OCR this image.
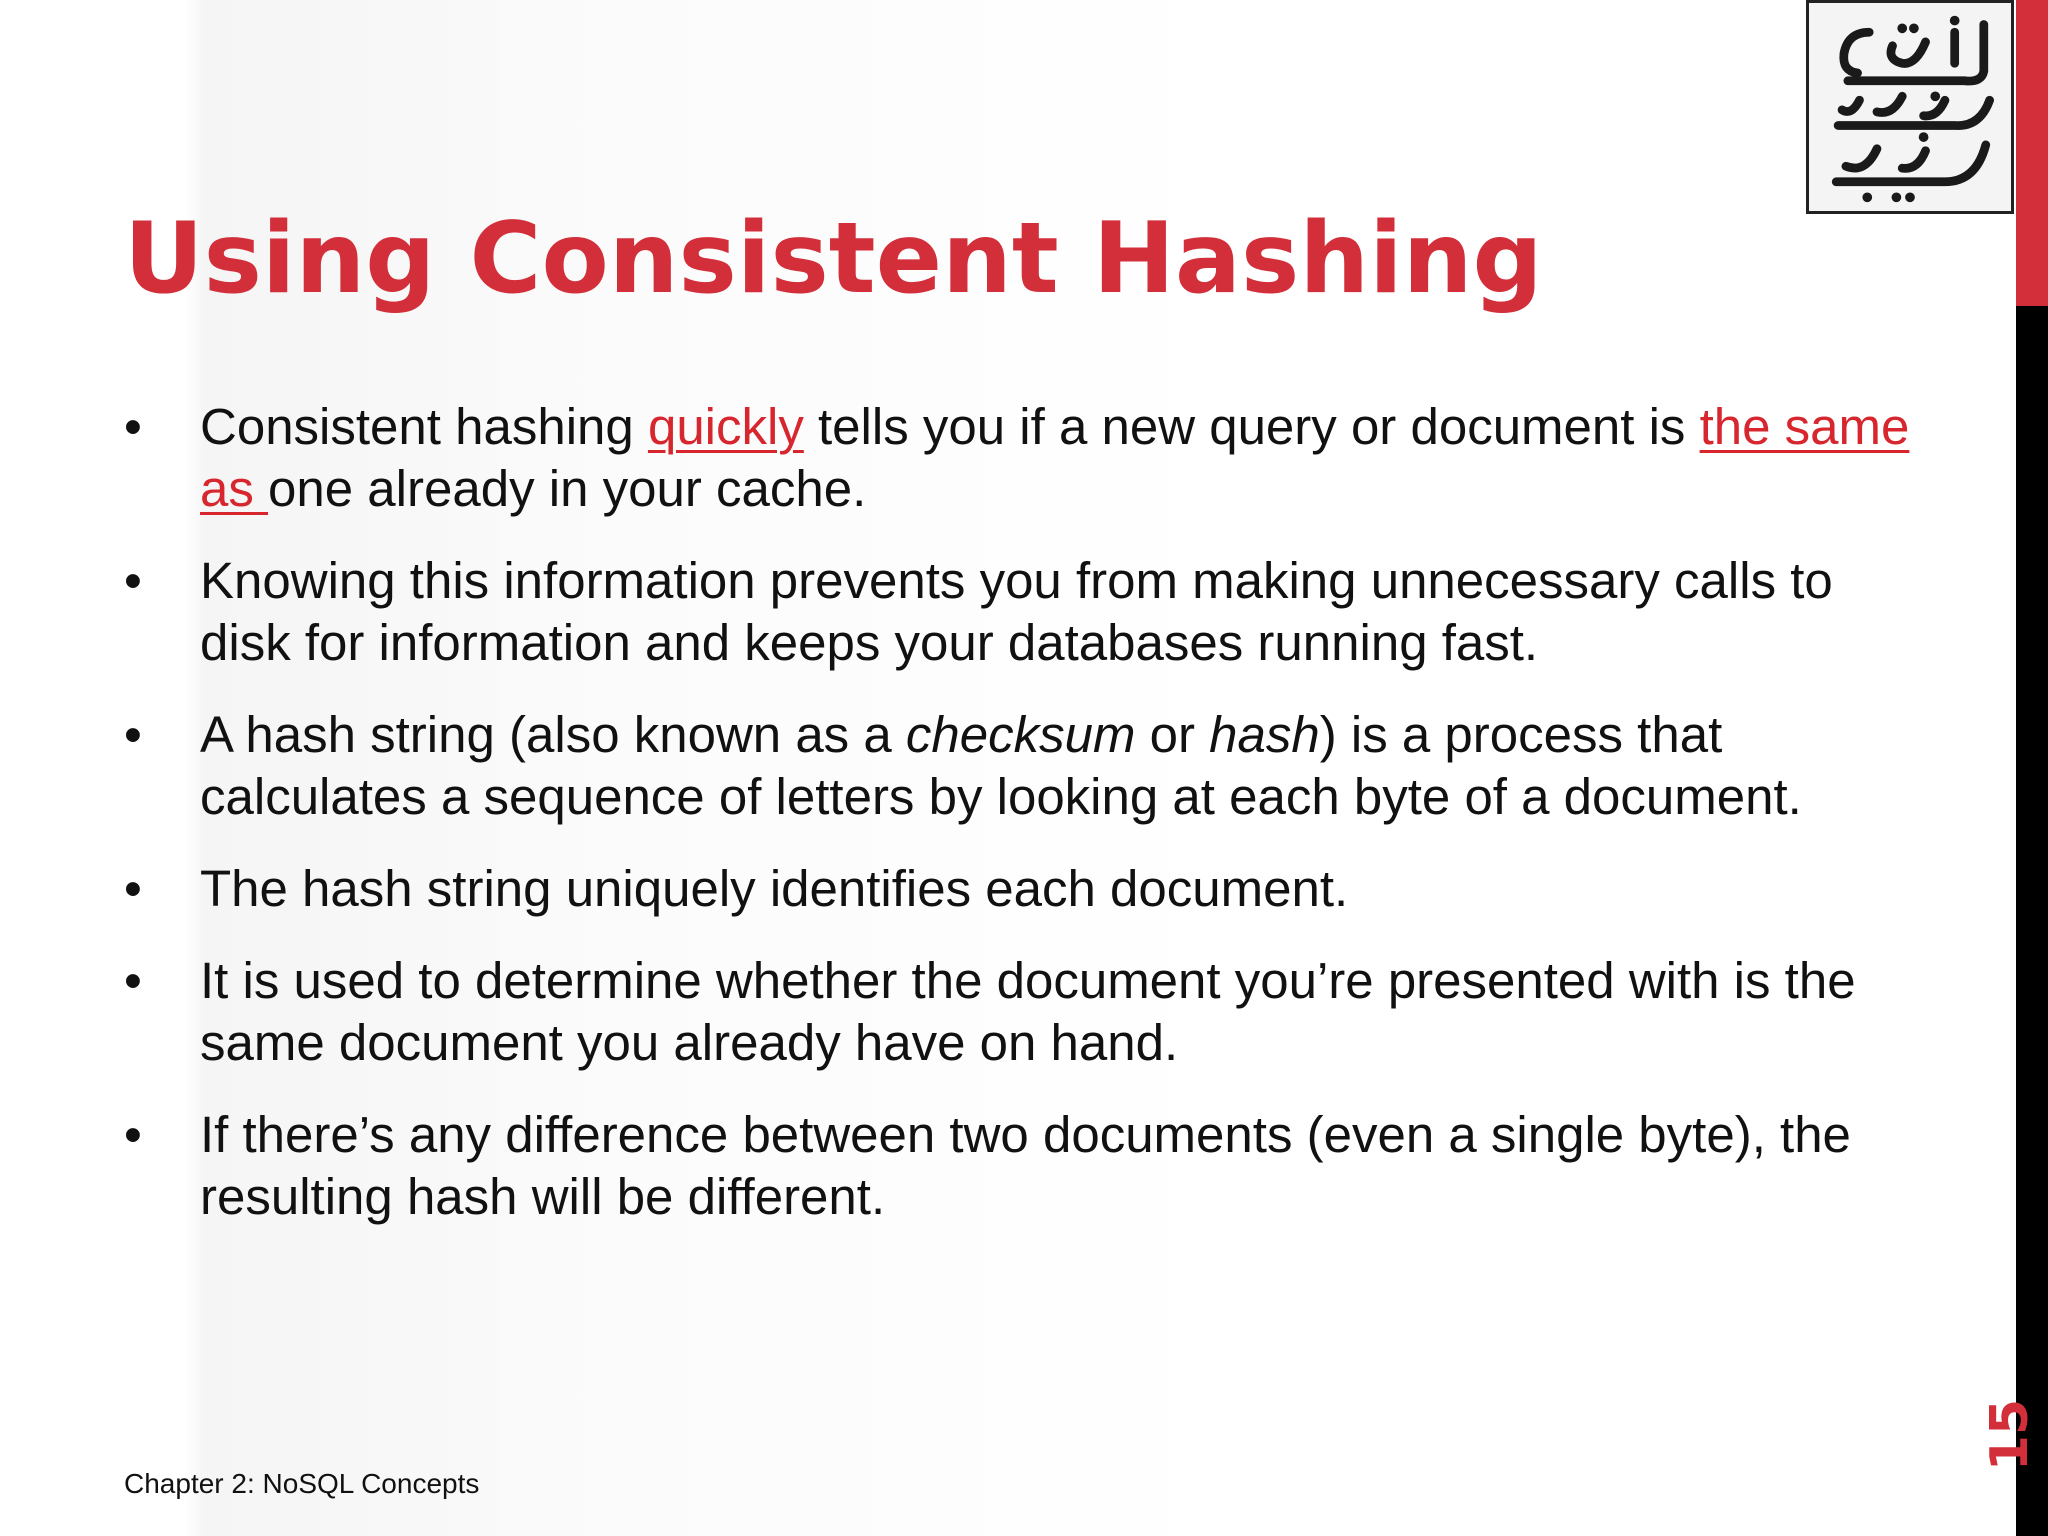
Using Consistent Hashing
• Consistent hashing quickly tells you if a new query or document is the same as one already in your cache.
• Knowing this information prevents you from making unnecessary calls to disk for information and keeps your databases running fast.
• A hash string (also known as a checksum or hash) is a process that calculates a sequence of letters by looking at each byte of a document.
• The hash string uniquely identifies each document.
• It is used to determine whether the document you’re presented with is the same document you already have on hand.
• If there’s any difference between two documents (even a single byte), the resulting hash will be different.
Chapter 2: NoSQL Concepts
15
